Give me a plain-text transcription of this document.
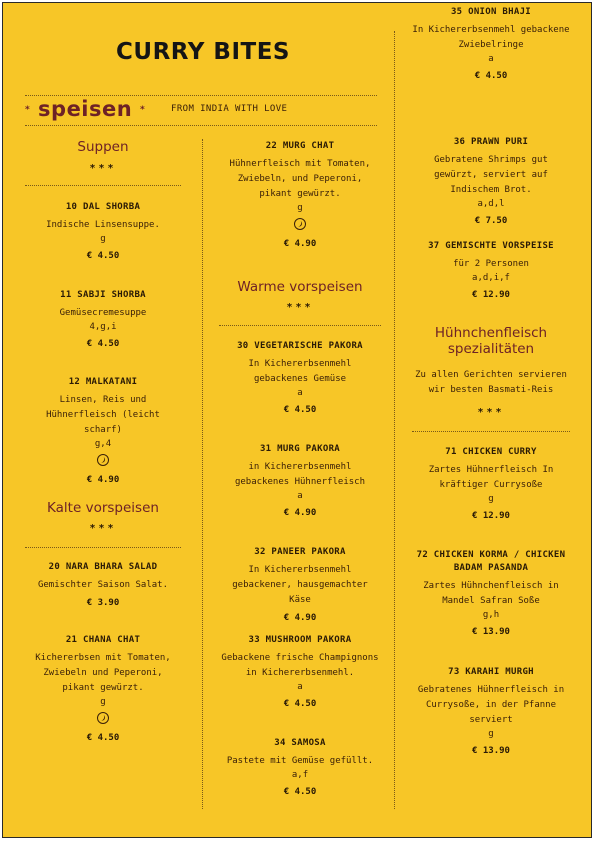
CURRY BITES
* speisen *	FROM INDIA WITH LOVE
Suppen
***
10 DAL SHORBA
Indische Linsensuppe.
g
€ 4.50
11 SABJI SHORBA
Gemüsecremesuppe
4,g,i
€ 4.50
12 MALKATANI
Linsen, Reis und Hühnerfleisch (leicht scharf)
g,4
€ 4.90
Kalte vorspeisen
***
20 NARA BHARA SALAD
Gemischter Saison Salat.
€ 3.90
21 CHANA CHAT
Kichererbsen mit Tomaten, Zwiebeln und Peperoni, pikant gewürzt.
g
€ 4.50
22 MURG CHAT
Hühnerfleisch mit Tomaten, Zwiebeln, und Peperoni, pikant gewürzt.
g
€ 4.90
Warme vorspeisen
***
30 VEGETARISCHE PAKORA
In Kichererbsenmehl gebackenes Gemüse
a
€ 4.50
31 MURG PAKORA
in Kichererbsenmehl gebackenes Hühnerfleisch
a
€ 4.90
32 PANEER PAKORA
In Kichererbsenmehl gebackener, hausgemachter Käse
€ 4.90
33 MUSHROOM PAKORA
Gebackene frische Champignons in Kichererbsenmehl.
a
€ 4.50
34 SAMOSA
Pastete mit Gemüse gefüllt.
a,f
€ 4.50
35 ONION BHAJI
In Kichererbsenmehl gebackene Zwiebelringe
a
€ 4.50
36 PRAWN PURI
Gebratene Shrimps gut gewürzt, serviert auf Indischem Brot.
a,d,l
€ 7.50
37 GEMISCHTE VORSPEISE
für 2 Personen
a,d,i,f
€ 12.90
Hühnchenfleisch spezialitäten
Zu allen Gerichten servieren wir besten Basmati-Reis
***
71 CHICKEN CURRY
Zartes Hühnerfleisch In kräftiger Currysoße
g
€ 12.90
72 CHICKEN KORMA / CHICKEN BADAM PASANDA
Zartes Hühnchenfleisch in Mandel Safran Soße
g,h
€ 13.90
73 KARAHI MURGH
Gebratenes Hühnerfleisch in Currysoße, in der Pfanne serviert
g
€ 13.90
